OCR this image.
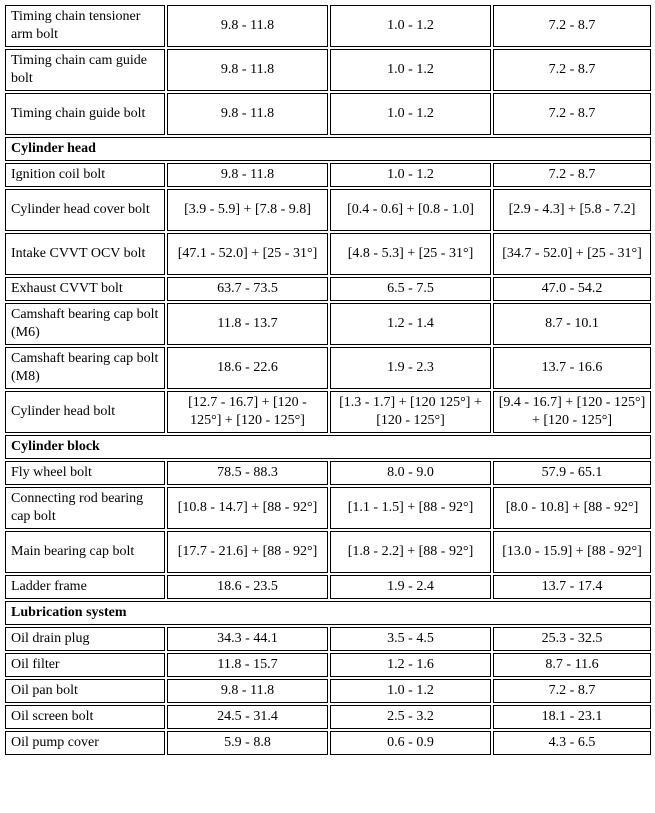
Timing chain tensioner arm bolt	9.8 - 11.8	1.0 - 1.2	7.2 - 8.7
Timing chain cam guide bolt	9.8 - 11.8	1.0 - 1.2	7.2 - 8.7
Timing chain guide bolt	9.8 - 11.8	1.0 - 1.2	7.2 - 8.7
Cylinder head			
Ignition coil bolt	9.8 - 11.8	1.0 - 1.2	7.2 - 8.7
Cylinder head cover bolt	[3.9 - 5.9] + [7.8 - 9.8]	[0.4 - 0.6] + [0.8 - 1.0]	[2.9 - 4.3] + [5.8 - 7.2]
Intake CVVT OCV bolt	[47.1 - 52.0] + [25 - 31°]	[4.8 - 5.3] + [25 - 31°]	[34.7 - 52.0] + [25 - 31°]
Exhaust CVVT bolt	63.7 - 73.5	6.5 - 7.5	47.0 - 54.2
Camshaft bearing cap bolt (M6)	11.8 - 13.7	1.2 - 1.4	8.7 - 10.1
Camshaft bearing cap bolt (M8)	18.6 - 22.6	1.9 - 2.3	13.7 - 16.6
Cylinder head bolt	[12.7 - 16.7] + [120 - 125°] + [120 - 125°]	[1.3 - 1.7] + [120 125°] + [120 - 125°]	[9.4 - 16.7] + [120 - 125°] + [120 - 125°]
Cylinder block			
Fly wheel bolt	78.5 - 88.3	8.0 - 9.0	57.9 - 65.1
Connecting rod bearing cap bolt	[10.8 - 14.7] + [88 - 92°]	[1.1 - 1.5] + [88 - 92°]	[8.0 - 10.8] + [88 - 92°]
Main bearing cap bolt	[17.7 - 21.6] + [88 - 92°]	[1.8 - 2.2] + [88 - 92°]	[13.0 - 15.9] + [88 - 92°]
Ladder frame	18.6 - 23.5	1.9 - 2.4	13.7 - 17.4
Lubrication system			
Oil drain plug	34.3 - 44.1	3.5 - 4.5	25.3 - 32.5
Oil filter	11.8 - 15.7	1.2 - 1.6	8.7 - 11.6
Oil pan bolt	9.8 - 11.8	1.0 - 1.2	7.2 - 8.7
Oil screen bolt	24.5 - 31.4	2.5 - 3.2	18.1 - 23.1
Oil pump cover	5.9 - 8.8	0.6 - 0.9	4.3 - 6.5
